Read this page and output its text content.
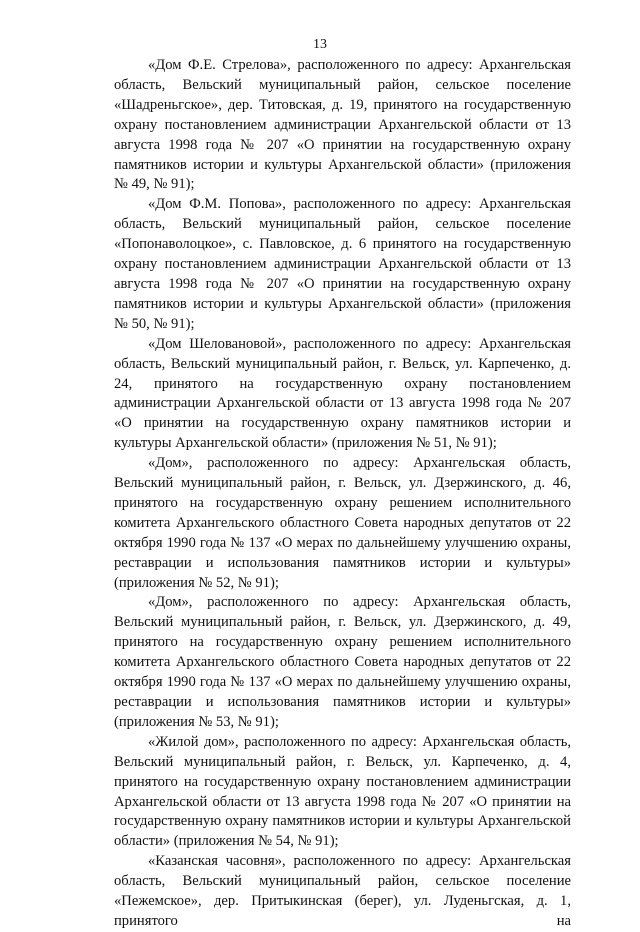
13

«Дом Ф.Е. Стрелова», расположенного по адресу: Архангельская область, Вельский муниципальный район, сельское поселение «Шадреньгское», дер. Титовская, д. 19, принятого на государственную охрану постановлением администрации Архангельской области от 13 августа 1998 года № 207 «О принятии на государственную охрану памятников истории и культуры Архангельской области» (приложения № 49, № 91);

«Дом Ф.М. Попова», расположенного по адресу: Архангельская область, Вельский муниципальный район, сельское поселение «Попонаволоцкое», с. Павловское, д. 6 принятого на государственную охрану постановлением администрации Архангельской области от 13 августа 1998 года № 207 «О принятии на государственную охрану памятников истории и культуры Архангельской области» (приложения № 50, № 91);

«Дом Шеловановой», расположенного по адресу: Архангельская область, Вельский муниципальный район, г. Вельск, ул. Карпеченко, д. 24, принятого на государственную охрану постановлением администрации Архангельской области от 13 августа 1998 года № 207 «О принятии на государственную охрану памятников истории и культуры Архангельской области» (приложения № 51, № 91);

«Дом», расположенного по адресу: Архангельская область, Вельский муниципальный район, г. Вельск, ул. Дзержинского, д. 46, принятого на государственную охрану решением исполнительного комитета Архангельского областного Совета народных депутатов от 22 октября 1990 года № 137 «О мерах по дальнейшему улучшению охраны, реставрации и использования памятников истории и культуры» (приложения № 52, № 91);

«Дом», расположенного по адресу: Архангельская область, Вельский муниципальный район, г. Вельск, ул. Дзержинского, д. 49, принятого на государственную охрану решением исполнительного комитета Архангельского областного Совета народных депутатов от 22 октября 1990 года № 137 «О мерах по дальнейшему улучшению охраны, реставрации и использования памятников истории и культуры» (приложения № 53, № 91);

«Жилой дом», расположенного по адресу: Архангельская область, Вельский муниципальный район, г. Вельск, ул. Карпеченко, д. 4, принятого на государственную охрану постановлением администрации Архангельской области от 13 августа 1998 года № 207 «О принятии на государственную охрану памятников истории и культуры Архангельской области» (приложения № 54, № 91);

«Казанская часовня», расположенного по адресу: Архангельская область, Вельский муниципальный район, сельское поселение «Пежемское», дер. Притыкинская (берег), ул. Луденьгская, д. 1, принятого на
